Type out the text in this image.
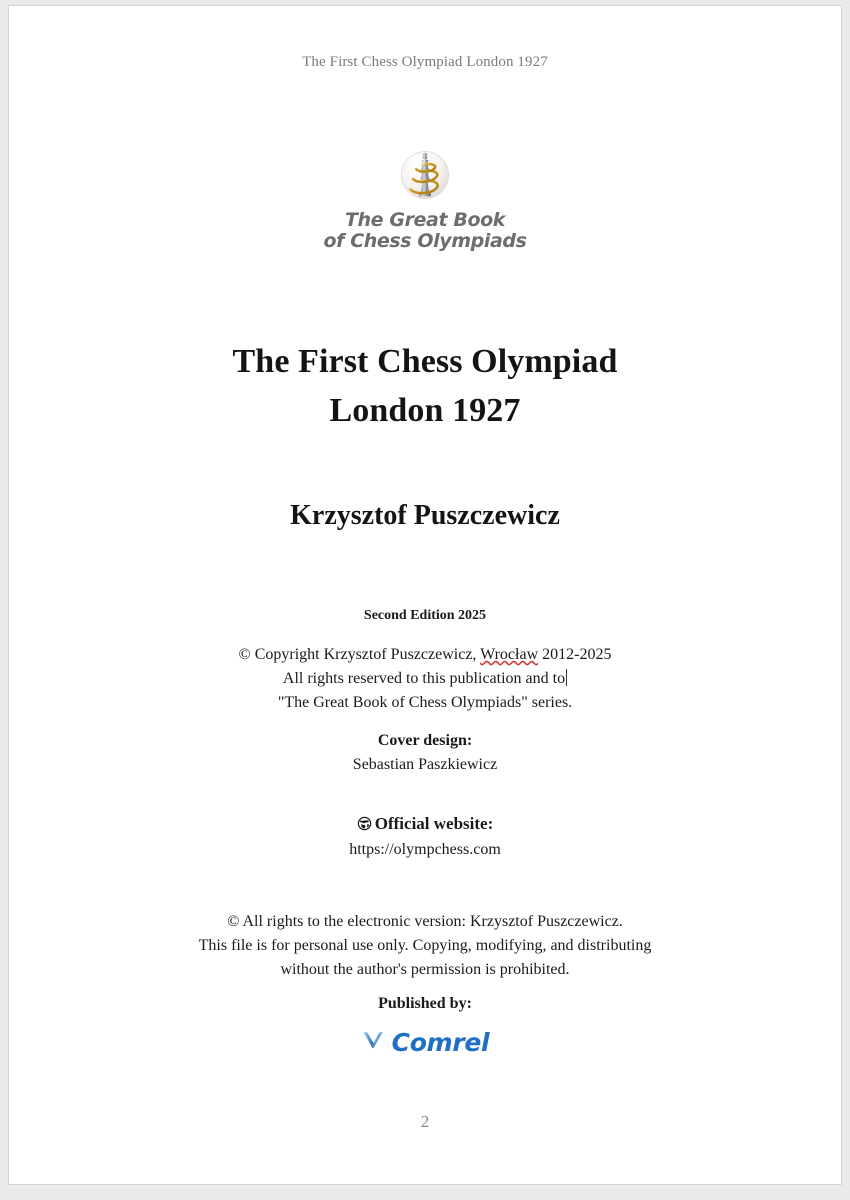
The First Chess Olympiad London 1927
The Great Book
of Chess Olympiads
The First Chess Olympiad
London 1927
Krzysztof Puszczewicz
Second Edition 2025
© Copyright Krzysztof Puszczewicz, Wrocław 2012-2025
All rights reserved to this publication and to
"The Great Book of Chess Olympiads" series.
Cover design:
Sebastian Paszkiewicz
Official website:
https://olympchess.com
© All rights to the electronic version: Krzysztof Puszczewicz.
This file is for personal use only. Copying, modifying, and distributing
without the author's permission is prohibited.
Published by:
Comrel
2
